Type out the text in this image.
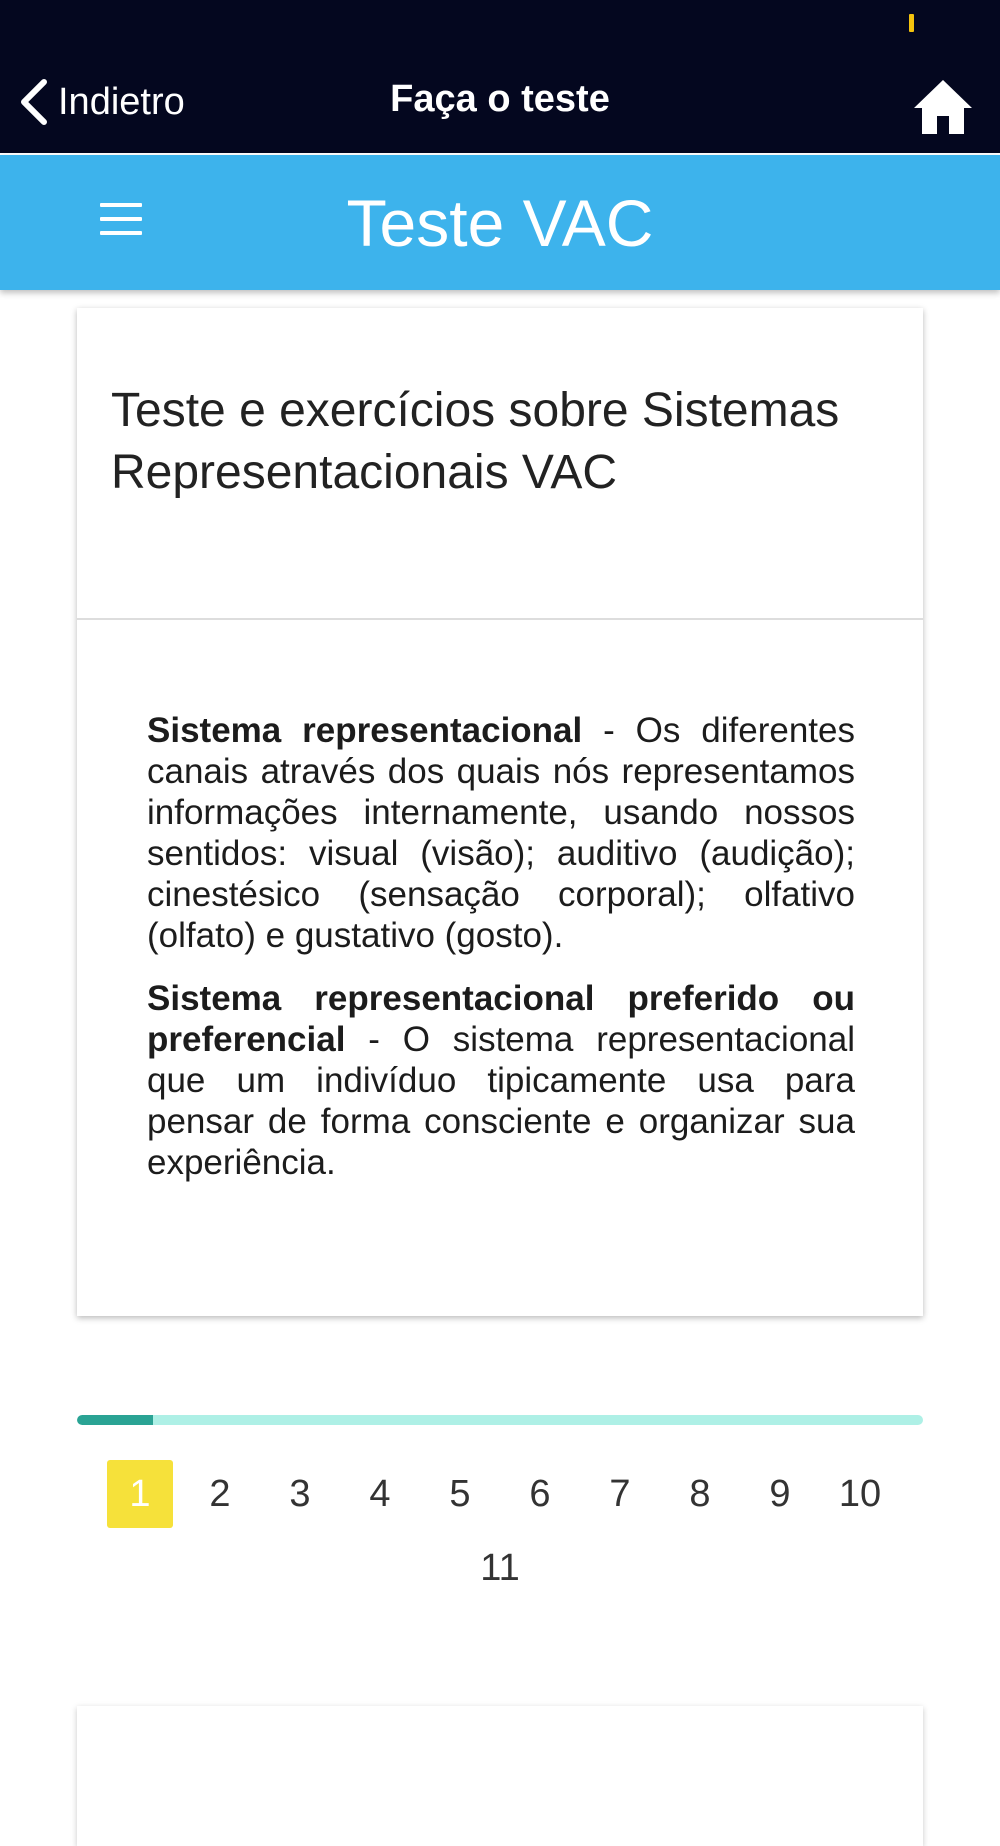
Indietro	Faça o teste
Teste VAC
Teste e exercícios sobre Sistemas Representacionais VAC

Sistema representacional - Os diferentes canais através dos quais nós representamos informações internamente, usando nossos sentidos: visual (visão); auditivo (audição); cinestésico (sensação corporal); olfativo (olfato) e gustativo (gosto).

Sistema representacional preferido ou preferencial - O sistema representacional que um indivíduo tipicamente usa para pensar de forma consciente e organizar sua experiência.

1	2	3	4	5	6	7	8	9	10
11
